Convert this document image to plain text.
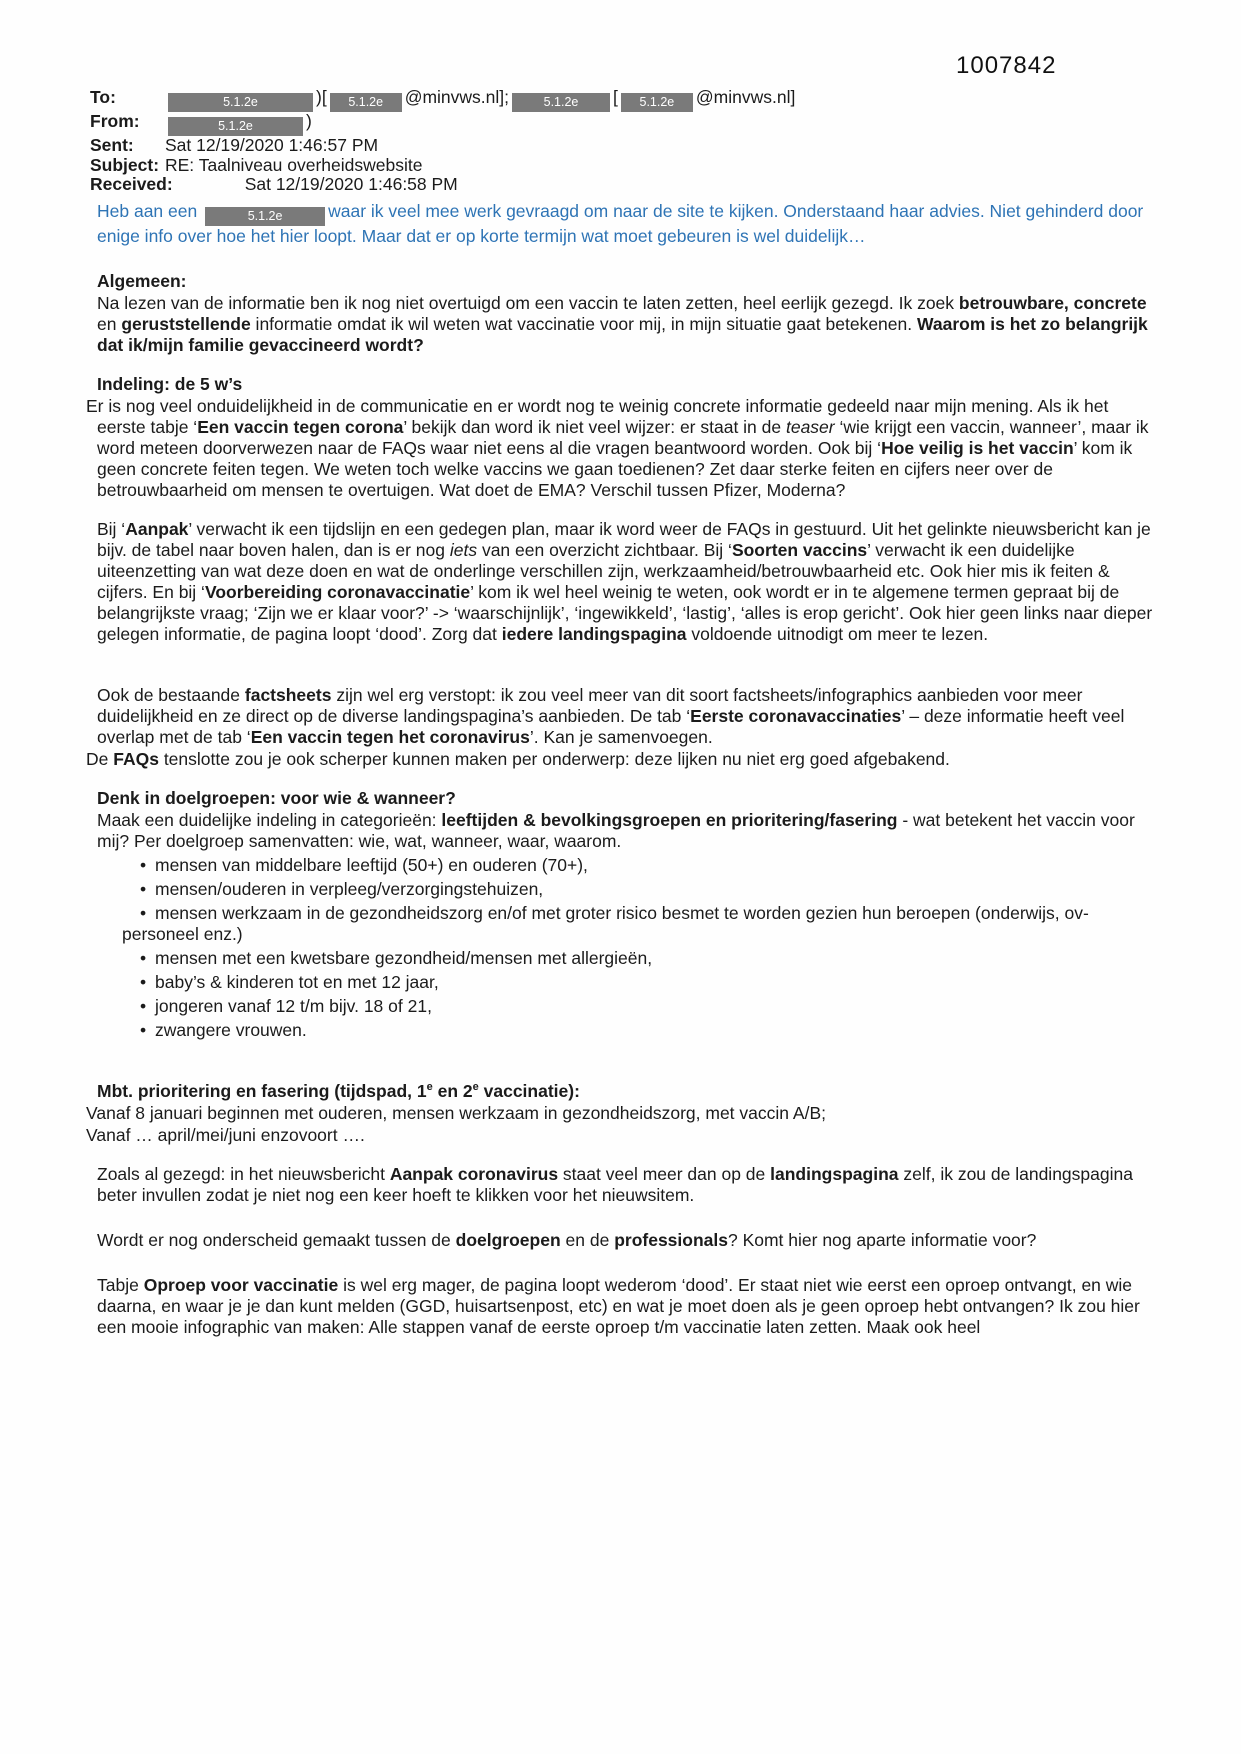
1007842
To:	5.1.2e	)[ 5.1.2e @minvws.nl];	5.1.2e [ 5.1.2e @minvws.nl]
From:	5.1.2e	)
Sent:	Sat 12/19/2020 1:46:57 PM
Subject: RE: Taalniveau overheidswebsite
Received:	Sat 12/19/2020 1:46:58 PM
Heb aan een	5.1.2e	waar ik veel mee werk gevraagd om naar de site te kijken. Onderstaand haar advies. Niet gehinderd door enige info over hoe het hier loopt. Maar dat er op korte termijn wat moet gebeuren is wel duidelijk…
Algemeen:
Na lezen van de informatie ben ik nog niet overtuigd om een vaccin te laten zetten, heel eerlijk gezegd. Ik zoek betrouwbare, concrete en geruststellende informatie omdat ik wil weten wat vaccinatie voor mij, in mijn situatie gaat betekenen. Waarom is het zo belangrijk dat ik/mijn familie gevaccineerd wordt?
Indeling: de 5 w’s
Er is nog veel onduidelijkheid in de communicatie en er wordt nog te weinig concrete informatie gedeeld naar mijn mening. Als ik het eerste tabje ‘Een vaccin tegen corona’ bekijk dan word ik niet veel wijzer: er staat in de teaser ‘wie krijgt een vaccin, wanneer’, maar ik word meteen doorverwezen naar de FAQs waar niet eens al die vragen beantwoord worden. Ook bij ‘Hoe veilig is het vaccin’ kom ik geen concrete feiten tegen. We weten toch welke vaccins we gaan toedienen? Zet daar sterke feiten en cijfers neer over de betrouwbaarheid om mensen te overtuigen. Wat doet de EMA? Verschil tussen Pfizer, Moderna?
Bij ‘Aanpak’ verwacht ik een tijdslijn en een gedegen plan, maar ik word weer de FAQs in gestuurd. Uit het gelinkte nieuwsbericht kan je bijv. de tabel naar boven halen, dan is er nog iets van een overzicht zichtbaar. Bij ‘Soorten vaccins’ verwacht ik een duidelijke uiteenzetting van wat deze doen en wat de onderlinge verschillen zijn, werkzaamheid/betrouwbaarheid etc. Ook hier mis ik feiten & cijfers. En bij ‘Voorbereiding coronavaccinatie’ kom ik wel heel weinig te weten, ook wordt er in te algemene termen gepraat bij de belangrijkste vraag; ‘Zijn we er klaar voor?’ -> ‘waarschijnlijk’, ‘ingewikkeld’, ‘lastig’, ‘alles is erop gericht’. Ook hier geen links naar dieper gelegen informatie, de pagina loopt ‘dood’. Zorg dat iedere landingspagina voldoende uitnodigt om meer te lezen.
Ook de bestaande factsheets zijn wel erg verstopt: ik zou veel meer van dit soort factsheets/infographics aanbieden voor meer duidelijkheid en ze direct op de diverse landingspagina’s aanbieden. De tab ‘Eerste coronavaccinaties’ – deze informatie heeft veel overlap met de tab ‘Een vaccin tegen het coronavirus’. Kan je samenvoegen.
De FAQs tenslotte zou je ook scherper kunnen maken per onderwerp: deze lijken nu niet erg goed afgebakend.
Denk in doelgroepen: voor wie & wanneer?
Maak een duidelijke indeling in categorieën: leeftijden & bevolkingsgroepen en prioritering/fasering - wat betekent het vaccin voor mij? Per doelgroep samenvatten: wie, wat, wanneer, waar, waarom.
• mensen van middelbare leeftijd (50+) en ouderen (70+),
• mensen/ouderen in verpleeg/verzorgingstehuizen,
• mensen werkzaam in de gezondheidszorg en/of met groter risico besmet te worden gezien hun beroepen (onderwijs, ov-personeel enz.)
• mensen met een kwetsbare gezondheid/mensen met allergieën,
• baby’s & kinderen tot en met 12 jaar,
• jongeren vanaf 12 t/m bijv. 18 of 21,
• zwangere vrouwen.
Mbt. prioritering en fasering (tijdspad, 1e en 2e vaccinatie):
Vanaf 8 januari beginnen met ouderen, mensen werkzaam in gezondheidszorg, met vaccin A/B;
Vanaf … april/mei/juni enzovoort ….
Zoals al gezegd: in het nieuwsbericht Aanpak coronavirus staat veel meer dan op de landingspagina zelf, ik zou de landingspagina beter invullen zodat je niet nog een keer hoeft te klikken voor het nieuwsitem.
Wordt er nog onderscheid gemaakt tussen de doelgroepen en de professionals? Komt hier nog aparte informatie voor?
Tabje Oproep voor vaccinatie is wel erg mager, de pagina loopt wederom ‘dood’. Er staat niet wie eerst een oproep ontvangt, en wie daarna, en waar je je dan kunt melden (GGD, huisartsenpost, etc) en wat je moet doen als je geen oproep hebt ontvangen? Ik zou hier een mooie infographic van maken: Alle stappen vanaf de eerste oproep t/m vaccinatie laten zetten. Maak ook heel
